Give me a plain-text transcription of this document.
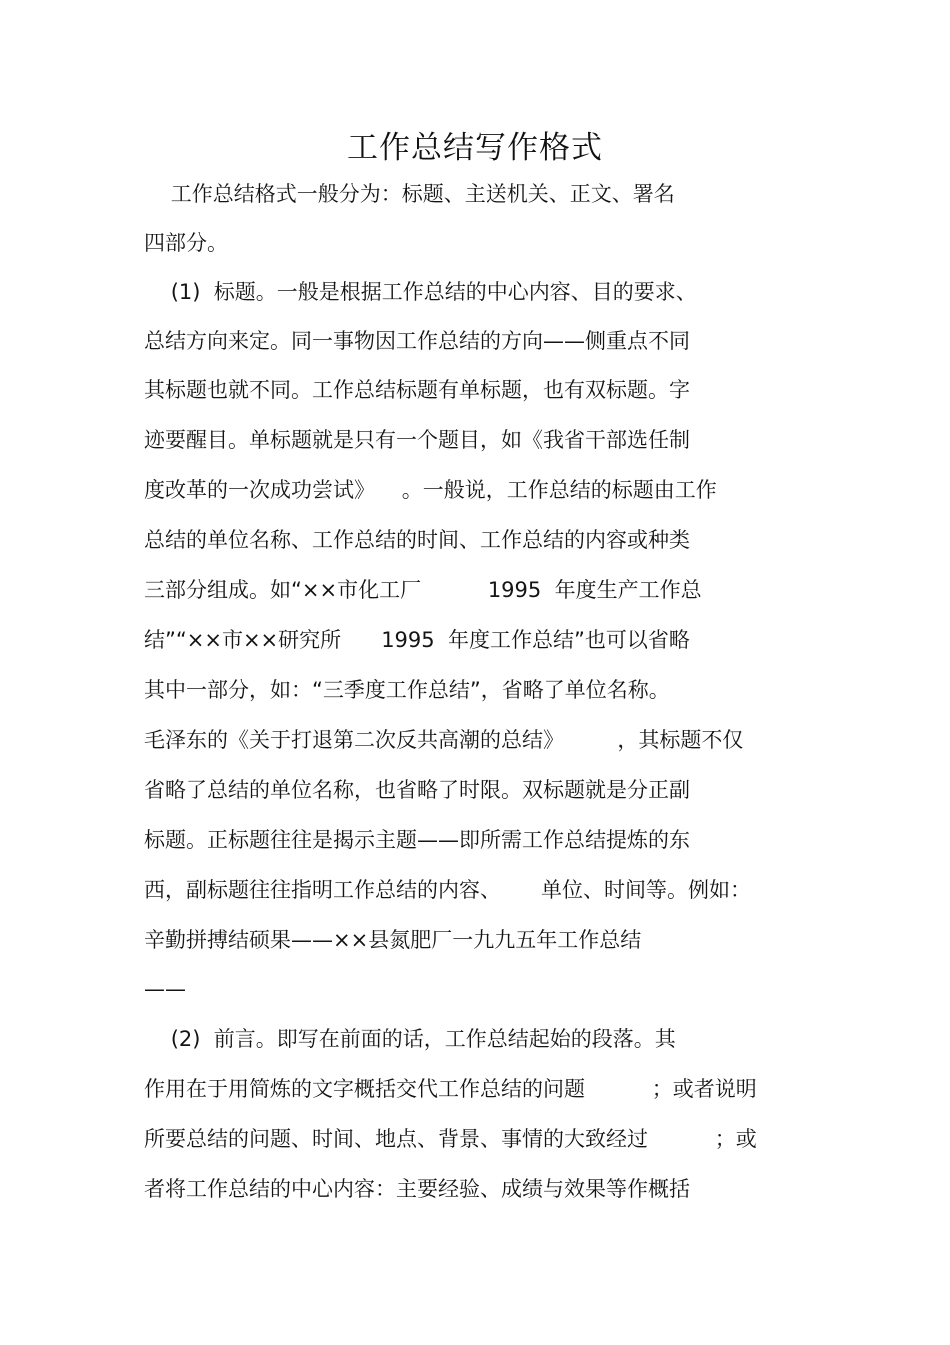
工作总结写作格式
工作总结格式一般分为：标题、主送机关、正文、署名
四部分。
(1)  标题。一般是根据工作总结的中心内容、目的要求、
总结方向来定。同一事物因工作总结的方向——侧重点不同
其标题也就不同。工作总结标题有单标题，也有双标题。字
迹要醒目。单标题就是只有一个题目，如《我省干部选任制
度改革的一次成功尝试》    。一般说，工作总结的标题由工作
总结的单位名称、工作总结的时间、工作总结的内容或种类
三部分组成。如“××市化工厂          1995  年度生产工作总
结”“××市××研究所      1995  年度工作总结”也可以省略
其中一部分，如：“三季度工作总结”，省略了单位名称。
毛泽东的《关于打退第二次反共高潮的总结》        ，其标题不仅
省略了总结的单位名称，也省略了时限。双标题就是分正副
标题。正标题往往是揭示主题——即所需工作总结提炼的东
西，副标题往往指明工作总结的内容、      单位、时间等。例如：
辛勤拼搏结硕果——××县氮肥厂一九九五年工作总结
——
(2)  前言。即写在前面的话，工作总结起始的段落。其
作用在于用简炼的文字概括交代工作总结的问题          ；或者说明
所要总结的问题、时间、地点、背景、事情的大致经过          ；或
者将工作总结的中心内容：主要经验、成绩与效果等作概括
